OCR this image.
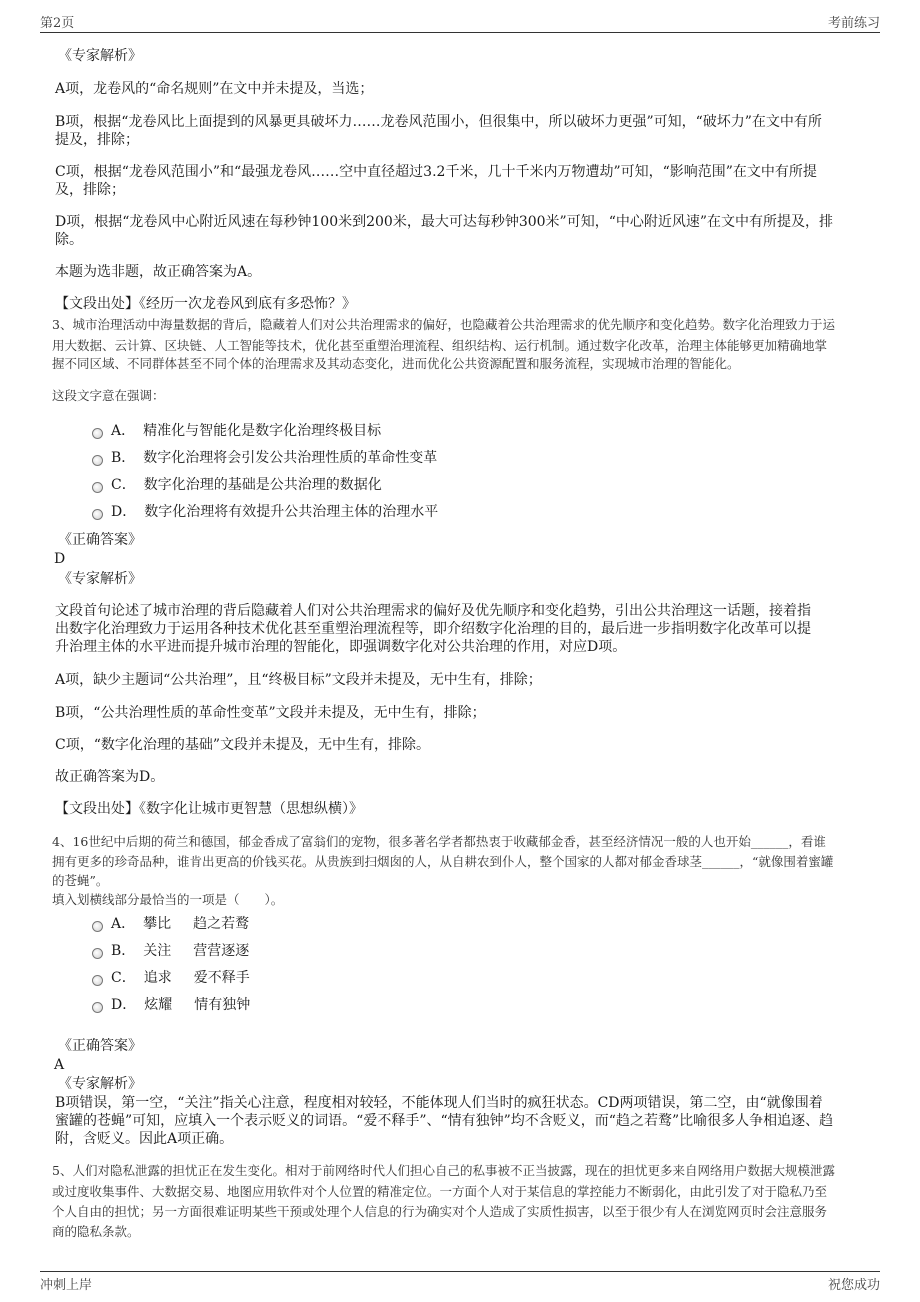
第2页	考前练习
《专家解析》
A项，龙卷风的“命名规则”在文中并未提及，当选；
B项，根据“龙卷风比上面提到的风暴更具破坏力……龙卷风范围小，但很集中，所以破坏力更强”可知，“破坏力”在文中有所
提及，排除；
C项，根据“龙卷风范围小”和“最强龙卷风……空中直径超过3.2千米，几十千米内万物遭劫”可知，“影响范围”在文中有所提
及，排除；
D项，根据“龙卷风中心附近风速在每秒钟100米到200米，最大可达每秒钟300米”可知，“中心附近风速”在文中有所提及，排
除。
本题为选非题，故正确答案为A。
【文段出处】《经历一次龙卷风到底有多恐怖？》
3、城市治理活动中海量数据的背后，隐藏着人们对公共治理需求的偏好，也隐藏着公共治理需求的优先顺序和变化趋势。数字化治理致力于运
用大数据、云计算、区块链、人工智能等技术，优化甚至重塑治理流程、组织结构、运行机制。通过数字化改革，治理主体能够更加精确地掌
握不同区域、不同群体甚至不同个体的治理需求及其动态变化，进而优化公共资源配置和服务流程，实现城市治理的智能化。
这段文字意在强调：
A． 精准化与智能化是数字化治理终极目标
B． 数字化治理将会引发公共治理性质的革命性变革
C． 数字化治理的基础是公共治理的数据化
D． 数字化治理将有效提升公共治理主体的治理水平
《正确答案》
D
《专家解析》
文段首句论述了城市治理的背后隐藏着人们对公共治理需求的偏好及优先顺序和变化趋势，引出公共治理这一话题，接着指
出数字化治理致力于运用各种技术优化甚至重塑治理流程等，即介绍数字化治理的目的，最后进一步指明数字化改革可以提
升治理主体的水平进而提升城市治理的智能化，即强调数字化对公共治理的作用，对应D项。
A项，缺少主题词“公共治理”，且“终极目标”文段并未提及，无中生有，排除；
B项，“公共治理性质的革命性变革”文段并未提及，无中生有，排除；
C项，“数字化治理的基础”文段并未提及，无中生有，排除。
故正确答案为D。
【文段出处】《数字化让城市更智慧（思想纵横）》
4、16世纪中后期的荷兰和德国，郁金香成了富翁们的宠物，很多著名学者都热衷于收藏郁金香，甚至经济情况一般的人也开始______，看谁
拥有更多的珍奇品种，谁肯出更高的价钱买花。从贵族到扫烟囱的人，从自耕农到仆人，整个国家的人都对郁金香球茎______，“就像围着蜜罐
的苍蝇”。
填入划横线部分最恰当的一项是（　　）。
A． 攀比 趋之若鹜
B． 关注 营营逐逐
C． 追求 爱不释手
D． 炫耀 情有独钟
《正确答案》
A
《专家解析》
B项错误，第一空，“关注”指关心注意，程度相对较轻，不能体现人们当时的疯狂状态。CD两项错误，第二空，由“就像围着
蜜罐的苍蝇”可知，应填入一个表示贬义的词语。“爱不释手”、“情有独钟”均不含贬义，而“趋之若鹜”比喻很多人争相追逐、趋
附，含贬义。因此A项正确。
5、人们对隐私泄露的担忧正在发生变化。相对于前网络时代人们担心自己的私事被不正当披露，现在的担忧更多来自网络用户数据大规模泄露
或过度收集事件、大数据交易、地图应用软件对个人位置的精准定位。一方面个人对于某信息的掌控能力不断弱化，由此引发了对于隐私乃至
个人自由的担忧；另一方面很难证明某些干预或处理个人信息的行为确实对个人造成了实质性损害，以至于很少有人在浏览网页时会注意服务
商的隐私条款。
冲刺上岸	祝您成功
